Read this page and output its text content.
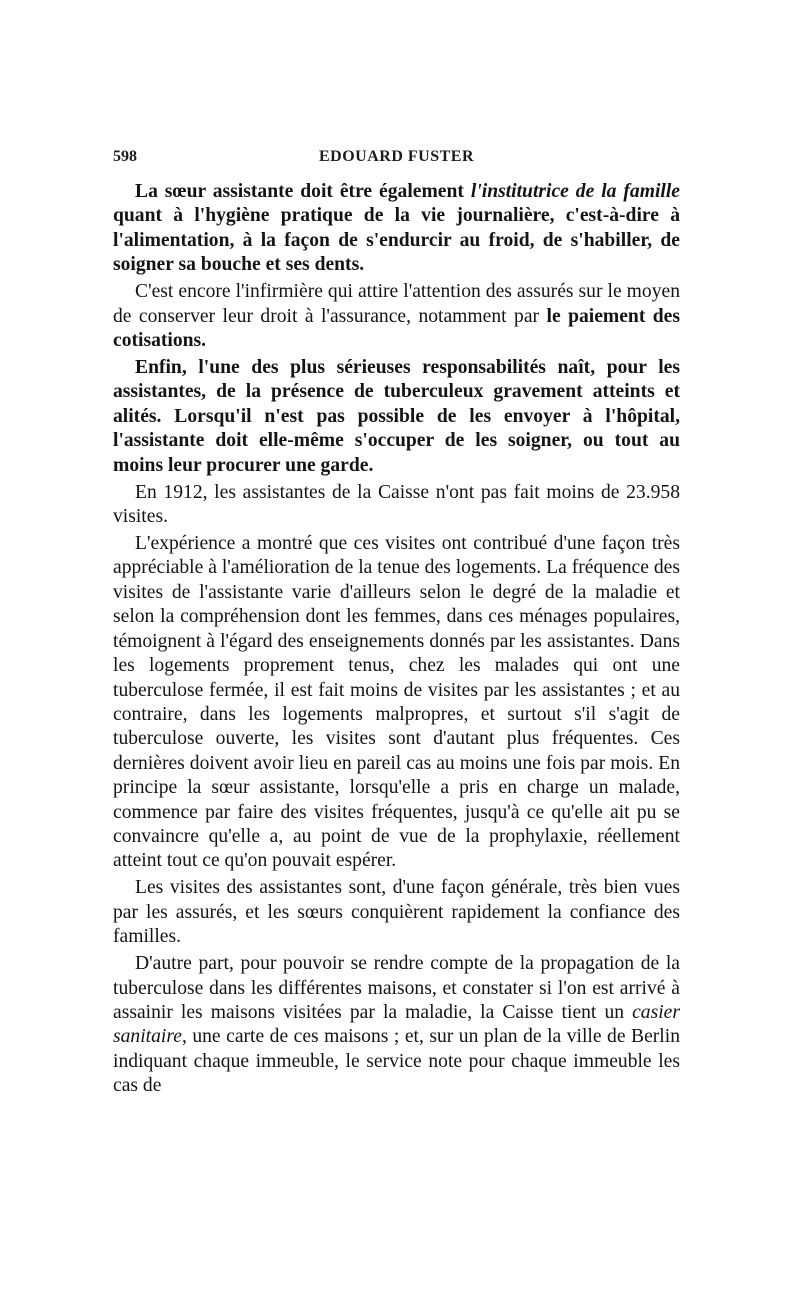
598	EDOUARD FUSTER

La sœur assistante doit être également l'institutrice de la famille quant à l'hygiène pratique de la vie journalière, c'est-à-dire à l'alimentation, à la façon de s'endurcir au froid, de s'habiller, de soigner sa bouche et ses dents.

C'est encore l'infirmière qui attire l'attention des assurés sur le moyen de conserver leur droit à l'assurance, notamment par le paiement des cotisations.

Enfin, l'une des plus sérieuses responsabilités naît, pour les assistantes, de la présence de tuberculeux gravement atteints et alités. Lorsqu'il n'est pas possible de les envoyer à l'hôpital, l'assistante doit elle-même s'occuper de les soigner, ou tout au moins leur procurer une garde.

En 1912, les assistantes de la Caisse n'ont pas fait moins de 23.958 visites.

L'expérience a montré que ces visites ont contribué d'une façon très appréciable à l'amélioration de la tenue des logements. La fréquence des visites de l'assistante varie d'ailleurs selon le degré de la maladie et selon la compréhension dont les femmes, dans ces ménages populaires, témoignent à l'égard des enseignements donnés par les assistantes. Dans les logements proprement tenus, chez les malades qui ont une tuberculose fermée, il est fait moins de visites par les assistantes ; et au contraire, dans les logements malpropres, et surtout s'il s'agit de tuberculose ouverte, les visites sont d'autant plus fréquentes. Ces dernières doivent avoir lieu en pareil cas au moins une fois par mois. En principe la sœur assistante, lorsqu'elle a pris en charge un malade, commence par faire des visites fréquentes, jusqu'à ce qu'elle ait pu se convaincre qu'elle a, au point de vue de la prophylaxie, réellement atteint tout ce qu'on pouvait espérer.

Les visites des assistantes sont, d'une façon générale, très bien vues par les assurés, et les sœurs conquièrent rapidement la confiance des familles.

D'autre part, pour pouvoir se rendre compte de la propagation de la tuberculose dans les différentes maisons, et constater si l'on est arrivé à assainir les maisons visitées par la maladie, la Caisse tient un casier sanitaire, une carte de ces maisons ; et, sur un plan de la ville de Berlin indiquant chaque immeuble, le service note pour chaque immeuble les cas de
